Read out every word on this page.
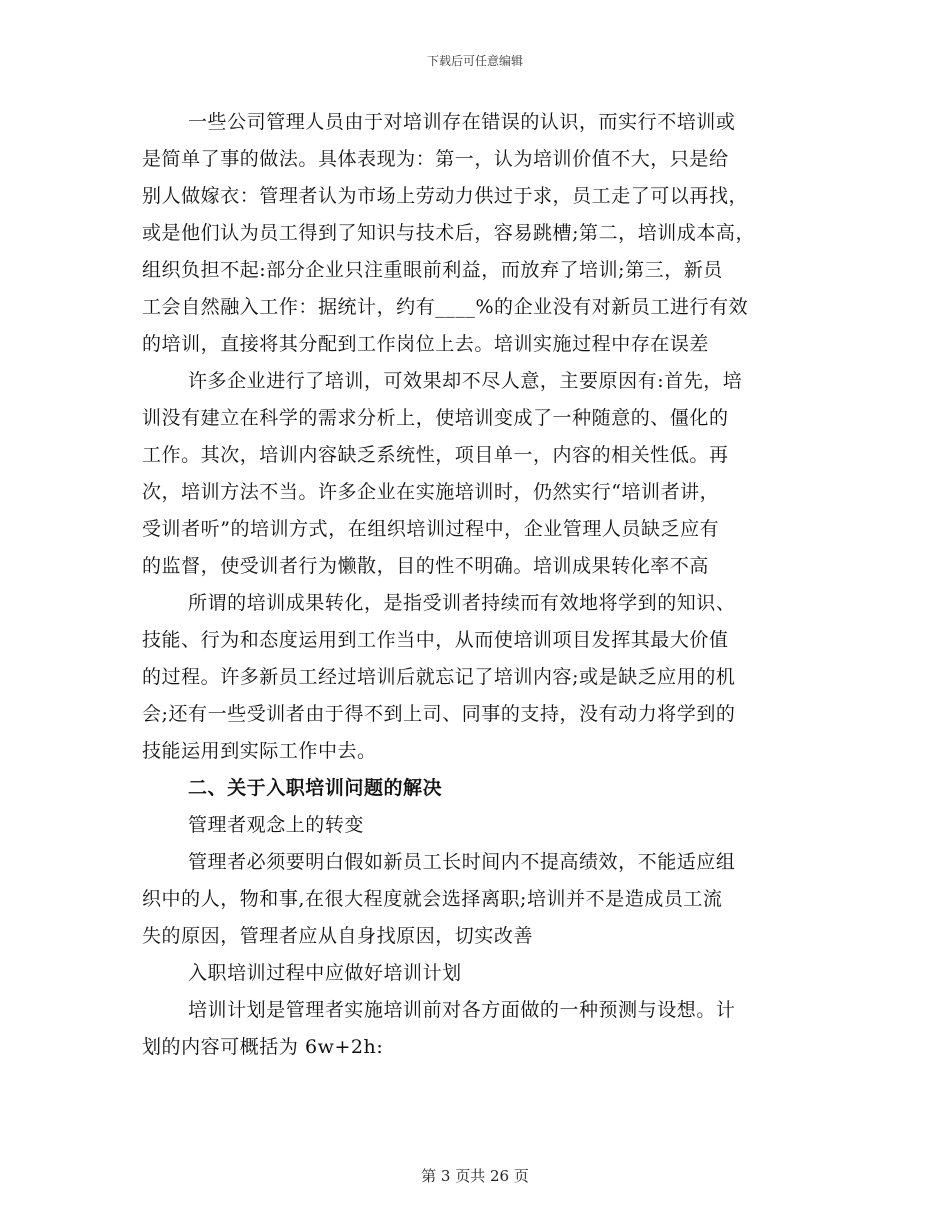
下载后可任意编辑
一些公司管理人员由于对培训存在错误的认识，而实行不培训或
是简单了事的做法。具体表现为：第一，认为培训价值不大，只是给
别人做嫁衣：管理者认为市场上劳动力供过于求，员工走了可以再找，
或是他们认为员工得到了知识与技术后，容易跳槽;第二，培训成本高，
组织负担不起:部分企业只注重眼前利益，而放弃了培训;第三，新员
工会自然融入工作：据统计，约有____%的企业没有对新员工进行有效
的培训，直接将其分配到工作岗位上去。培训实施过程中存在误差
许多企业进行了培训，可效果却不尽人意，主要原因有:首先，培
训没有建立在科学的需求分析上，使培训变成了一种随意的、僵化的
工作。其次，培训内容缺乏系统性，项目单一，内容的相关性低。再
次，培训方法不当。许多企业在实施培训时，仍然实行“培训者讲，
受训者听”的培训方式，在组织培训过程中，企业管理人员缺乏应有
的监督，使受训者行为懒散，目的性不明确。培训成果转化率不高
所谓的培训成果转化，是指受训者持续而有效地将学到的知识、
技能、行为和态度运用到工作当中，从而使培训项目发挥其最大价值
的过程。许多新员工经过培训后就忘记了培训内容;或是缺乏应用的机
会;还有一些受训者由于得不到上司、同事的支持，没有动力将学到的
技能运用到实际工作中去。
二、关于入职培训问题的解决
管理者观念上的转变
管理者必须要明白假如新员工长时间内不提高绩效，不能适应组
织中的人，物和事,在很大程度就会选择离职;培训并不是造成员工流
失的原因，管理者应从自身找原因，切实改善
入职培训过程中应做好培训计划
培训计划是管理者实施培训前对各方面做的一种预测与设想。计
划的内容可概括为 6w+2h:
第 3 页共 26 页
